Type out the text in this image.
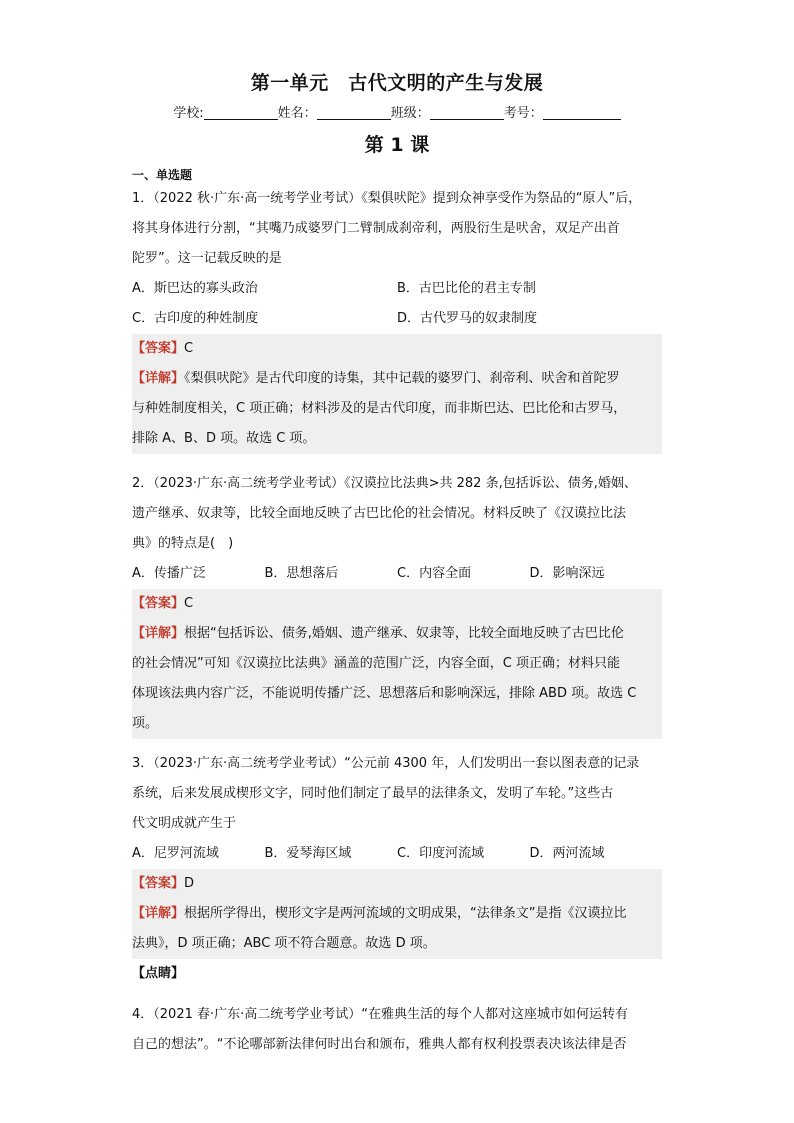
第一单元　古代文明的产生与发展
学校:	姓名：	班级：	考号：
第 1 课
一、单选题
1．（2022 秋·广东·高一统考学业考试）《梨俱吠陀》提到众神享受作为祭品的“原人”后，
将其身体进行分割，“其嘴乃成婆罗门二臂制成刹帝利，两股衍生是吠舍，双足产出首
陀罗”。这一记载反映的是
A．斯巴达的寡头政治	B．古巴比伦的君主专制
C．古印度的种姓制度	D．古代罗马的奴隶制度
【答案】C
【详解】《梨俱吠陀》是古代印度的诗集，其中记载的婆罗门、刹帝利、吠舍和首陀罗
与种姓制度相关，C 项正确；材料涉及的是古代印度，而非斯巴达、巴比伦和古罗马，
排除 A、B、D 项。故选 C 项。
2．（2023·广东·高二统考学业考试）《汉谟拉比法典>共 282 条,包括诉讼、债务,婚姻、
遗产继承、奴隶等，比较全面地反映了古巴比伦的社会情况。材料反映了《汉谟拉比法
典》的特点是(　)
A．传播广泛	B．思想落后	C．内容全面	D．影响深远
【答案】C
【详解】根据“包括诉讼、债务,婚姻、遗产继承、奴隶等，比较全面地反映了古巴比伦
的社会情况”可知《汉谟拉比法典》涵盖的范围广泛，内容全面，C 项正确；材料只能
体现该法典内容广泛，不能说明传播广泛、思想落后和影响深远，排除 ABD 项。故选 C
项。
3．（2023·广东·高二统考学业考试）“公元前 4300 年，人们发明出一套以图表意的记录
系统，后来发展成楔形文字，同时他们制定了最早的法律条文，发明了车轮。”这些古
代文明成就产生于
A．尼罗河流域	B．爱琴海区域	C．印度河流域	D．两河流域
【答案】D
【详解】根据所学得出，楔形文字是两河流域的文明成果，“法律条文”是指《汉谟拉比
法典》，D 项正确；ABC 项不符合题意。故选 D 项。
【点睛】
4．（2021 春·广东·高二统考学业考试）“在雅典生活的每个人都对这座城市如何运转有
自己的想法”。“不论哪部新法律何时出台和颁布，雅典人都有权利投票表决该法律是否
